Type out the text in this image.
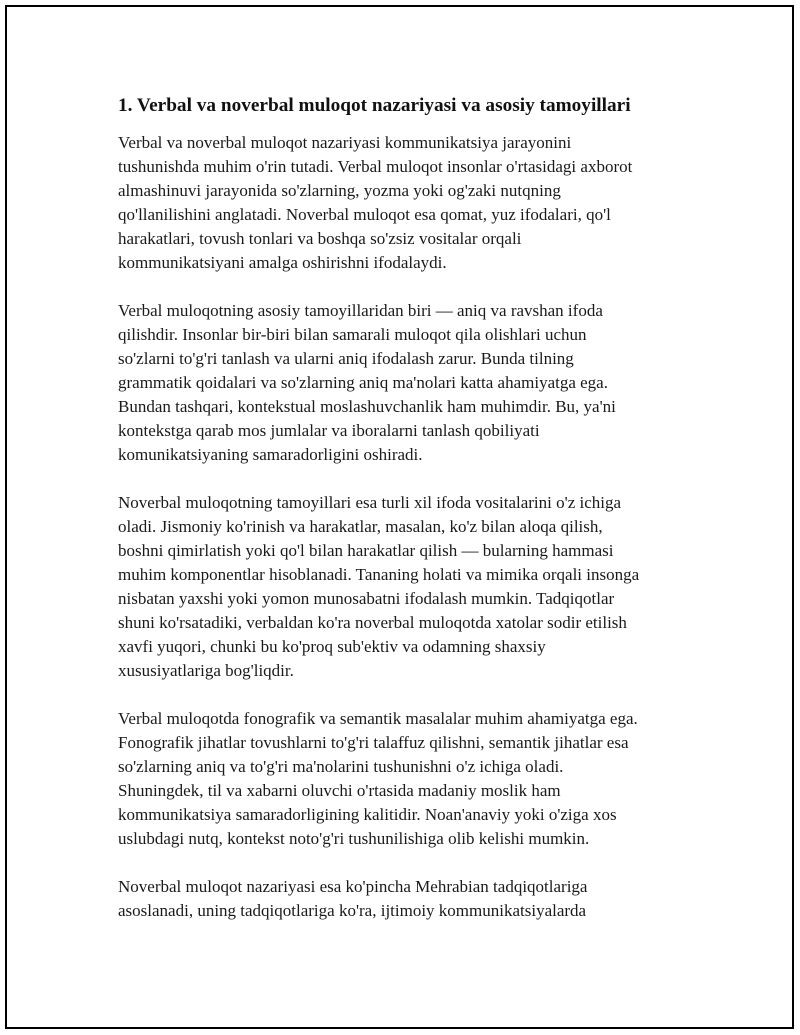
1. Verbal va noverbal muloqot nazariyasi va asosiy tamoyillari

Verbal va noverbal muloqot nazariyasi kommunikatsiya jarayonini
tushunishda muhim o'rin tutadi. Verbal muloqot insonlar o'rtasidagi axborot
almashinuvi jarayonida so'zlarning, yozma yoki og'zaki nutqning
qo'llanilishini anglatadi. Noverbal muloqot esa qomat, yuz ifodalari, qo'l
harakatlari, tovush tonlari va boshqa so'zsiz vositalar orqali
kommunikatsiyani amalga oshirishni ifodalaydi.

Verbal muloqotning asosiy tamoyillaridan biri — aniq va ravshan ifoda
qilishdir. Insonlar bir-biri bilan samarali muloqot qila olishlari uchun
so'zlarni to'g'ri tanlash va ularni aniq ifodalash zarur. Bunda tilning
grammatik qoidalari va so'zlarning aniq ma'nolari katta ahamiyatga ega.
Bundan tashqari, kontekstual moslashuvchanlik ham muhimdir. Bu, ya'ni
kontekstga qarab mos jumlalar va iboralarni tanlash qobiliyati
komunikatsiyaning samaradorligini oshiradi.

Noverbal muloqotning tamoyillari esa turli xil ifoda vositalarini o'z ichiga
oladi. Jismoniy ko'rinish va harakatlar, masalan, ko'z bilan aloqa qilish,
boshni qimirlatish yoki qo'l bilan harakatlar qilish — bularning hammasi
muhim komponentlar hisoblanadi. Tananing holati va mimika orqali insonga
nisbatan yaxshi yoki yomon munosabatni ifodalash mumkin. Tadqiqotlar
shuni ko'rsatadiki, verbaldan ko'ra noverbal muloqotda xatolar sodir etilish
xavfi yuqori, chunki bu ko'proq sub'ektiv va odamning shaxsiy
xususiyatlariga bog'liqdir.

Verbal muloqotda fonografik va semantik masalalar muhim ahamiyatga ega.
Fonografik jihatlar tovushlarni to'g'ri talaffuz qilishni, semantik jihatlar esa
so'zlarning aniq va to'g'ri ma'nolarini tushunishni o'z ichiga oladi.
Shuningdek, til va xabarni oluvchi o'rtasida madaniy moslik ham
kommunikatsiya samaradorligining kalitidir. Noan'anaviy yoki o'ziga xos
uslubdagi nutq, kontekst noto'g'ri tushunilishiga olib kelishi mumkin.

Noverbal muloqot nazariyasi esa ko'pincha Mehrabian tadqiqotlariga
asoslanadi, uning tadqiqotlariga ko'ra, ijtimoiy kommunikatsiyalarda
